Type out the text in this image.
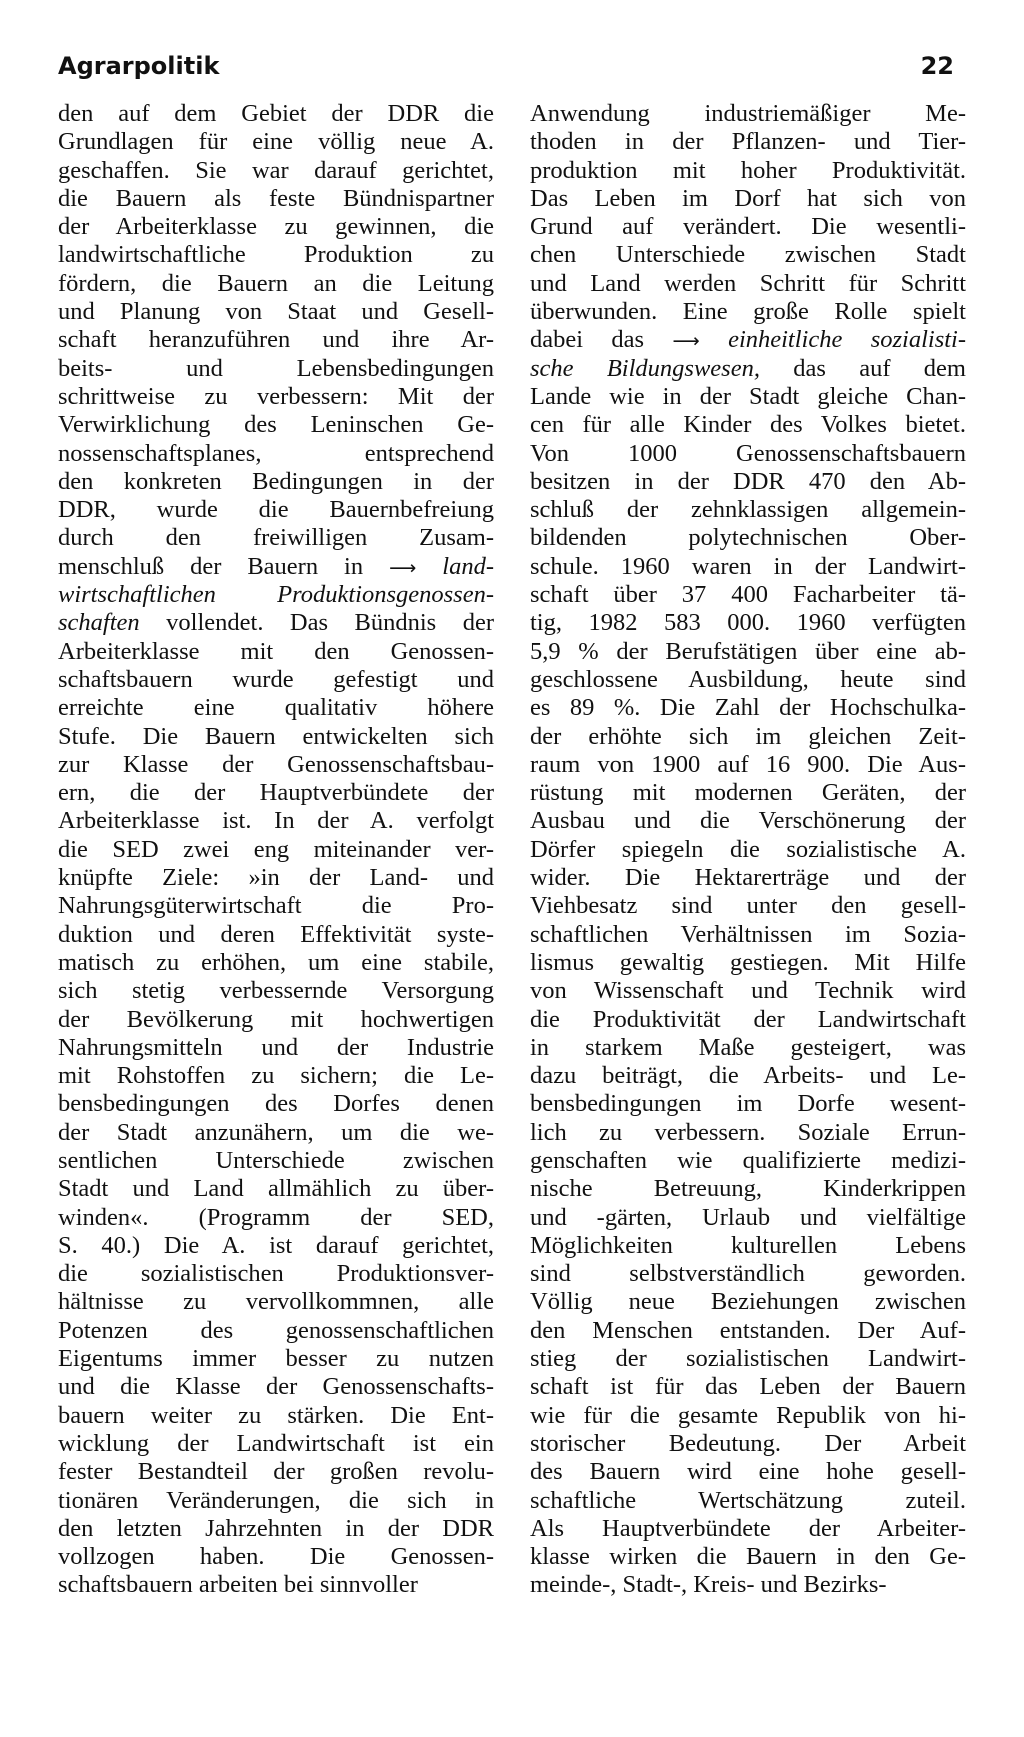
Agrarpolitik	22
den auf dem Gebiet der DDR die
Grundlagen für eine völlig neue A.
geschaffen. Sie war darauf gerichtet,
die Bauern als feste Bündnispartner
der Arbeiterklasse zu gewinnen, die
landwirtschaftliche Produktion zu
fördern, die Bauern an die Leitung
und Planung von Staat und Gesell-
schaft heranzuführen und ihre Ar-
beits- und Lebensbedingungen
schrittweise zu verbessern: Mit der
Verwirklichung des Leninschen Ge-
nossenschaftsplanes, entsprechend
den konkreten Bedingungen in der
DDR, wurde die Bauernbefreiung
durch den freiwilligen Zusam-
menschluß der Bauern in ⟶ land-
wirtschaftlichen Produktionsgenossen-
schaften vollendet. Das Bündnis der
Arbeiterklasse mit den Genossen-
schaftsbauern wurde gefestigt und
erreichte eine qualitativ höhere
Stufe. Die Bauern entwickelten sich
zur Klasse der Genossenschaftsbau-
ern, die der Hauptverbündete der
Arbeiterklasse ist. In der A. verfolgt
die SED zwei eng miteinander ver-
knüpfte Ziele: »in der Land- und
Nahrungsgüterwirtschaft die Pro-
duktion und deren Effektivität syste-
matisch zu erhöhen, um eine stabile,
sich stetig verbessernde Versorgung
der Bevölkerung mit hochwertigen
Nahrungsmitteln und der Industrie
mit Rohstoffen zu sichern; die Le-
bensbedingungen des Dorfes denen
der Stadt anzunähern, um die we-
sentlichen Unterschiede zwischen
Stadt und Land allmählich zu über-
winden«. (Programm der SED,
S. 40.) Die A. ist darauf gerichtet,
die sozialistischen Produktionsver-
hältnisse zu vervollkommnen, alle
Potenzen des genossenschaftlichen
Eigentums immer besser zu nutzen
und die Klasse der Genossenschafts-
bauern weiter zu stärken. Die Ent-
wicklung der Landwirtschaft ist ein
fester Bestandteil der großen revolu-
tionären Veränderungen, die sich in
den letzten Jahrzehnten in der DDR
vollzogen haben. Die Genossen-
schaftsbauern arbeiten bei sinnvoller
Anwendung industriemäßiger Me-
thoden in der Pflanzen- und Tier-
produktion mit hoher Produktivität.
Das Leben im Dorf hat sich von
Grund auf verändert. Die wesentli-
chen Unterschiede zwischen Stadt
und Land werden Schritt für Schritt
überwunden. Eine große Rolle spielt
dabei das ⟶ einheitliche sozialisti-
sche Bildungswesen, das auf dem
Lande wie in der Stadt gleiche Chan-
cen für alle Kinder des Volkes bietet.
Von 1000 Genossenschaftsbauern
besitzen in der DDR 470 den Ab-
schluß der zehnklassigen allgemein-
bildenden polytechnischen Ober-
schule. 1960 waren in der Landwirt-
schaft über 37 400 Facharbeiter tä-
tig, 1982 583 000. 1960 verfügten
5,9 % der Berufstätigen über eine ab-
geschlossene Ausbildung, heute sind
es 89 %. Die Zahl der Hochschulka-
der erhöhte sich im gleichen Zeit-
raum von 1900 auf 16 900. Die Aus-
rüstung mit modernen Geräten, der
Ausbau und die Verschönerung der
Dörfer spiegeln die sozialistische A.
wider. Die Hektarerträge und der
Viehbesatz sind unter den gesell-
schaftlichen Verhältnissen im Sozia-
lismus gewaltig gestiegen. Mit Hilfe
von Wissenschaft und Technik wird
die Produktivität der Landwirtschaft
in starkem Maße gesteigert, was
dazu beiträgt, die Arbeits- und Le-
bensbedingungen im Dorfe wesent-
lich zu verbessern. Soziale Errun-
genschaften wie qualifizierte medizi-
nische Betreuung, Kinderkrippen
und -gärten, Urlaub und vielfältige
Möglichkeiten kulturellen Lebens
sind selbstverständlich geworden.
Völlig neue Beziehungen zwischen
den Menschen entstanden. Der Auf-
stieg der sozialistischen Landwirt-
schaft ist für das Leben der Bauern
wie für die gesamte Republik von hi-
storischer Bedeutung. Der Arbeit
des Bauern wird eine hohe gesell-
schaftliche Wertschätzung zuteil.
Als Hauptverbündete der Arbeiter-
klasse wirken die Bauern in den Ge-
meinde-, Stadt-, Kreis- und Bezirks-
